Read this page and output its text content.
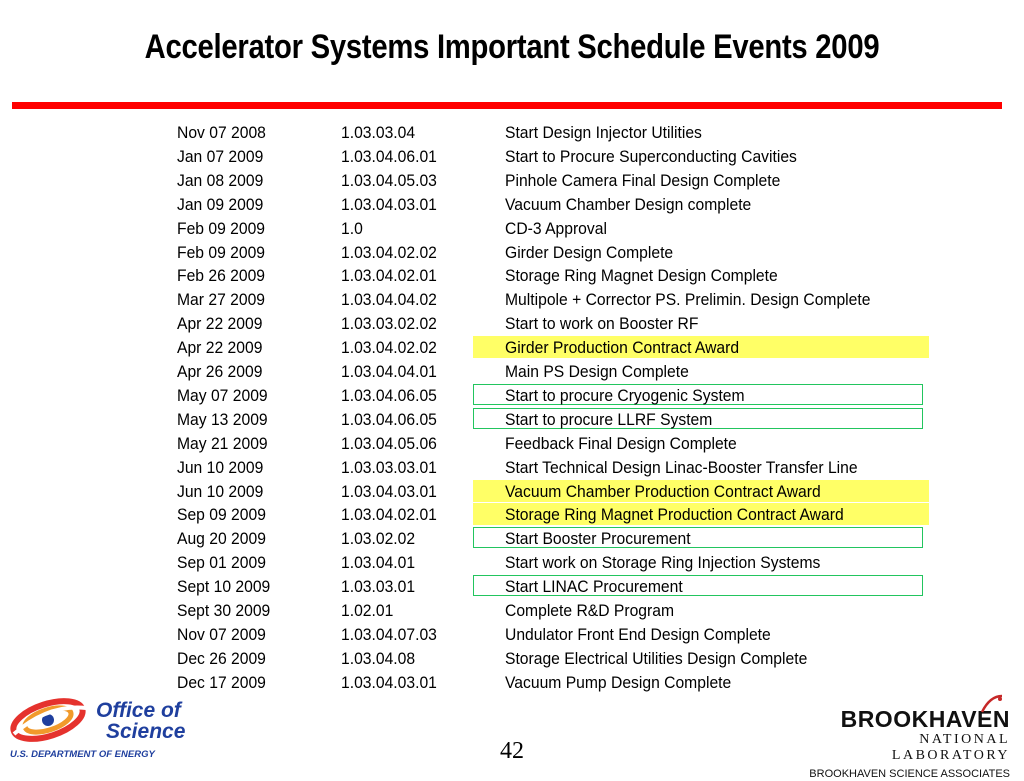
Accelerator Systems Important Schedule Events 2009
Nov 07 2008	1.03.03.04	Start Design Injector Utilities
Jan 07 2009	1.03.04.06.01	Start to Procure Superconducting Cavities
Jan 08 2009	1.03.04.05.03	Pinhole Camera Final Design Complete
Jan 09 2009	1.03.04.03.01	Vacuum Chamber Design complete
Feb 09 2009	1.0	CD-3 Approval
Feb 09 2009	1.03.04.02.02	Girder Design Complete
Feb 26 2009	1.03.04.02.01	Storage Ring Magnet Design Complete
Mar 27 2009	1.03.04.04.02	Multipole + Corrector PS. Prelimin. Design Complete
Apr 22 2009	1.03.03.02.02	Start to work on Booster RF
Apr 22 2009	1.03.04.02.02	Girder Production Contract Award
Apr 26 2009	1.03.04.04.01	Main PS Design Complete
May 07 2009	1.03.04.06.05	Start to procure Cryogenic System
May 13 2009	1.03.04.06.05	Start to procure LLRF System
May 21 2009	1.03.04.05.06	Feedback Final Design Complete
Jun 10 2009	1.03.03.03.01	Start Technical Design Linac-Booster Transfer Line
Jun 10 2009	1.03.04.03.01	Vacuum Chamber Production Contract Award
Sep 09 2009	1.03.04.02.01	Storage Ring Magnet Production Contract Award
Aug 20 2009	1.03.02.02	Start Booster Procurement
Sep 01 2009	1.03.04.01	Start work on Storage Ring Injection Systems
Sept 10 2009	1.03.03.01	Start LINAC Procurement
Sept 30 2009	1.02.01	Complete R&D Program
Nov 07 2009	1.03.04.07.03	Undulator Front End Design Complete
Dec 26 2009	1.03.04.08	Storage Electrical Utilities Design Complete
Dec 17 2009	1.03.04.03.01	Vacuum Pump Design Complete
Office of
Science
U.S. DEPARTMENT OF ENERGY	42
BROOKHAVEN
NATIONAL LABORATORY
BROOKHAVEN SCIENCE ASSOCIATES
